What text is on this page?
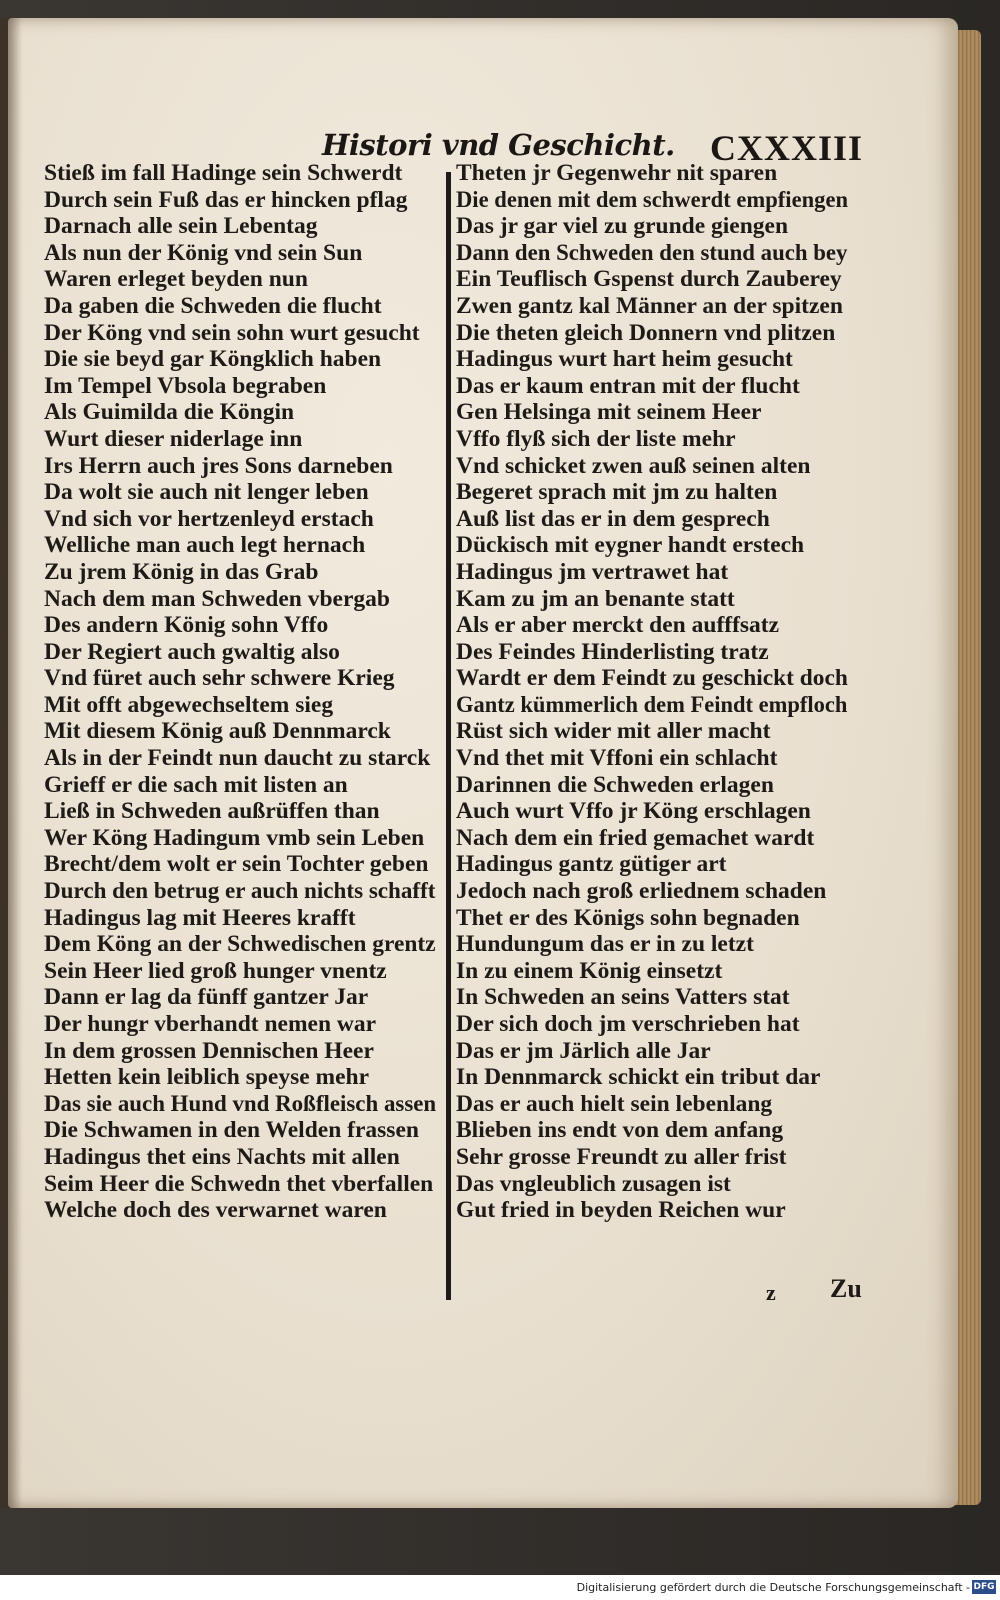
Histori vnd Geschicht. CXXXIII
Stieß im fall Hadinge sein Schwerdt
Durch sein Fuß das er hincken pflag
Darnach alle sein Lebentag
Als nun der König vnd sein Sun
Waren erleget beyden nun
Da gaben die Schweden die flucht
Der Köng vnd sein sohn wurt gesucht
Die sie beyd gar Köngklich haben
Im Tempel Vbsola begraben
Als Guimilda die Köngin
Wurt dieser niderlage inn
Irs Herrn auch jres Sons darneben
Da wolt sie auch nit lenger leben
Vnd sich vor hertzenleyd erstach
Welliche man auch legt hernach
Zu jrem König in das Grab
Nach dem man Schweden vbergab
Des andern König sohn Vffo
Der Regiert auch gwaltig also
Vnd füret auch sehr schwere Krieg
Mit offt abgewechseltem sieg
Mit diesem König auß Dennmarck
Als in der Feindt nun daucht zu starck
Grieff er die sach mit listen an
Ließ in Schweden außrüffen than
Wer Köng Hadingum vmb sein Leben
Brecht/dem wolt er sein Tochter geben
Durch den betrug er auch nichts schafft
Hadingus lag mit Heeres krafft
Dem Köng an der Schwedischen grentz
Sein Heer lied groß hunger vnentz
Dann er lag da fünff gantzer Jar
Der hungr vberhandt nemen war
In dem grossen Dennischen Heer
Hetten kein leiblich speyse mehr
Das sie auch Hund vnd Roßfleisch assen
Die Schwamen in den Welden frassen
Hadingus thet eins Nachts mit allen
Seim Heer die Schwedn thet vberfallen
Welche doch des verwarnet waren
Theten jr Gegenwehr nit sparen
Die denen mit dem schwerdt empfiengen
Das jr gar viel zu grunde giengen
Dann den Schweden den stund auch bey
Ein Teuflisch Gspenst durch Zauberey
Zwen gantz kal Männer an der spitzen
Die theten gleich Donnern vnd plitzen
Hadingus wurt hart heim gesucht
Das er kaum entran mit der flucht
Gen Helsinga mit seinem Heer
Vffo flyß sich der liste mehr
Vnd schicket zwen auß seinen alten
Begeret sprach mit jm zu halten
Auß list das er in dem gesprech
Dückisch mit eygner handt erstech
Hadingus jm vertrawet hat
Kam zu jm an benante statt
Als er aber merckt den aufffsatz
Des Feindes Hinderlisting tratz
Wardt er dem Feindt zu geschickt doch
Gantz kümmerlich dem Feindt empfloch
Rüst sich wider mit aller macht
Vnd thet mit Vffoni ein schlacht
Darinnen die Schweden erlagen
Auch wurt Vffo jr Köng erschlagen
Nach dem ein fried gemachet wardt
Hadingus gantz gütiger art
Jedoch nach groß erliednem schaden
Thet er des Königs sohn begnaden
Hundungum das er in zu letzt
In zu einem König einsetzt
In Schweden an seins Vatters stat
Der sich doch jm verschrieben hat
Das er jm Järlich alle Jar
In Dennmarck schickt ein tribut dar
Das er auch hielt sein lebenlang
Blieben ins endt von dem anfang
Sehr grosse Freundt zu aller frist
Das vngleublich zusagen ist
Gut fried in beyden Reichen wur
z Zu
Digitalisierung gefördert durch die Deutsche Forschungsgemeinschaft - DFG
